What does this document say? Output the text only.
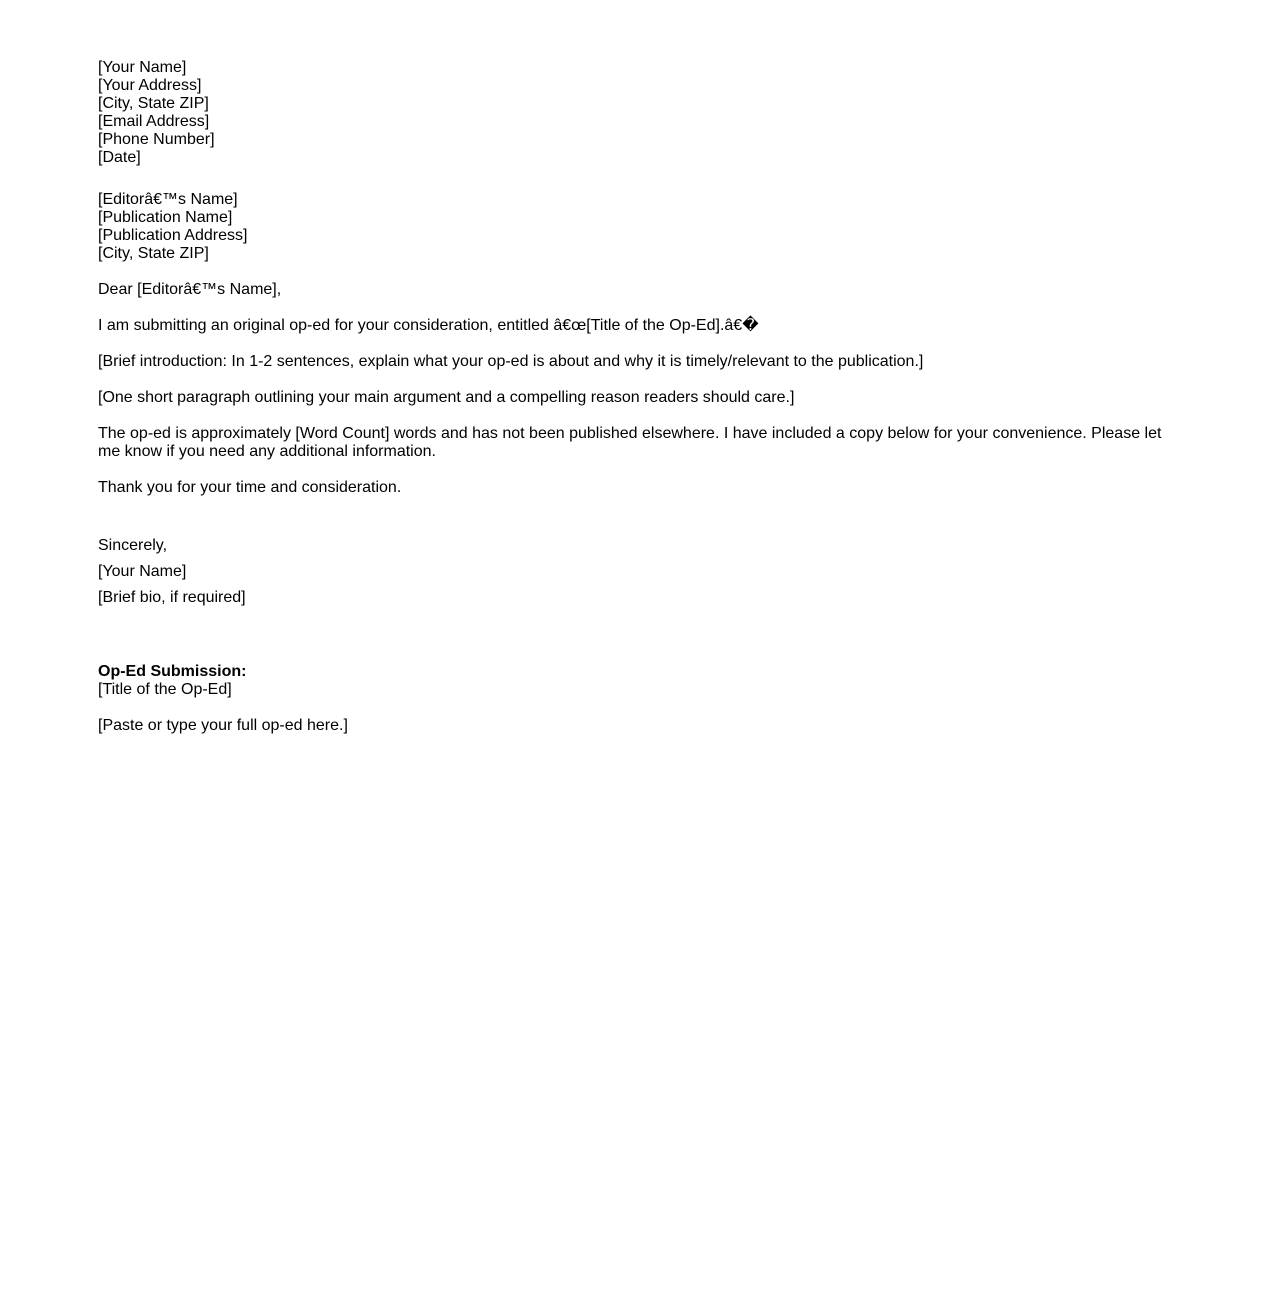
[Your Name]
[Your Address]
[City, State ZIP]
[Email Address]
[Phone Number]
[Date]
[Editorâ€™s Name]
[Publication Name]
[Publication Address]
[City, State ZIP]
Dear [Editorâ€™s Name],
I am submitting an original op-ed for your consideration, entitled â€œ[Title of the Op-Ed].â€�
[Brief introduction: In 1-2 sentences, explain what your op-ed is about and why it is timely/relevant to the publication.]
[One short paragraph outlining your main argument and a compelling reason readers should care.]
The op-ed is approximately [Word Count] words and has not been published elsewhere. I have included a copy below for your convenience. Please let me know if you need any additional information.
Thank you for your time and consideration.
Sincerely,
[Your Name]
[Brief bio, if required]
Op-Ed Submission:
[Title of the Op-Ed]
[Paste or type your full op-ed here.]
